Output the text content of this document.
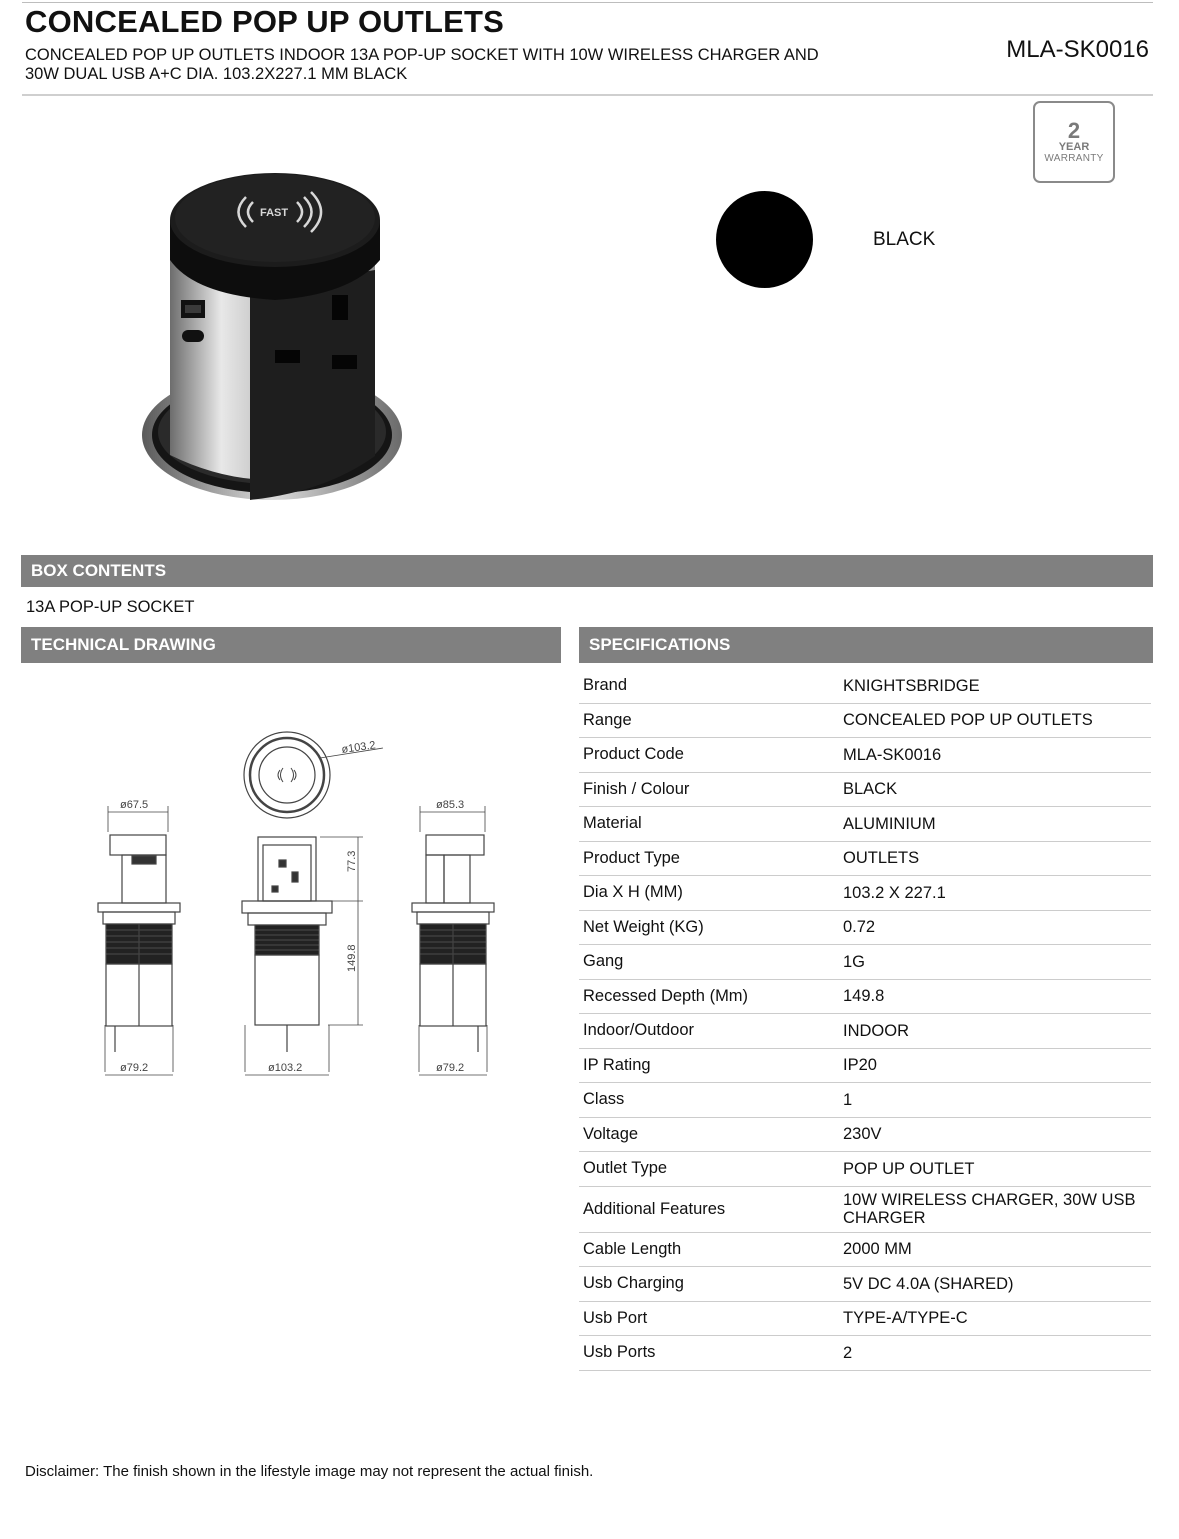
CONCEALED POP UP OUTLETS
CONCEALED POP UP OUTLETS INDOOR 13A POP-UP SOCKET WITH 10W WIRELESS CHARGER AND 30W DUAL USB A+C DIA. 103.2X227.1 MM BLACK
MLA-SK0016
2
YEAR
WARRANTY
FAST
BLACK
BOX CONTENTS
13A POP-UP SOCKET
TECHNICAL DRAWING	SPECIFICATIONS
ø103.2
ø67.5
ø79.2
77.3
149.8
ø103.2
ø85.3
ø79.2
Brand	KNIGHTSBRIDGE
Range	CONCEALED POP UP OUTLETS
Product Code	MLA-SK0016
Finish / Colour	BLACK
Material	ALUMINIUM
Product Type	OUTLETS
Dia X H (MM)	103.2 X 227.1
Net Weight (KG)	0.72
Gang	1G
Recessed Depth (Mm)	149.8
Indoor/Outdoor	INDOOR
IP Rating	IP20
Class	1
Voltage	230V
Outlet Type	POP UP OUTLET
Additional Features	10W WIRELESS CHARGER, 30W USB CHARGER
Cable Length	2000 MM
Usb Charging	5V DC 4.0A (SHARED)
Usb Port	TYPE-A/TYPE-C
Usb Ports	2
Disclaimer: The finish shown in the lifestyle image may not represent the actual finish.
